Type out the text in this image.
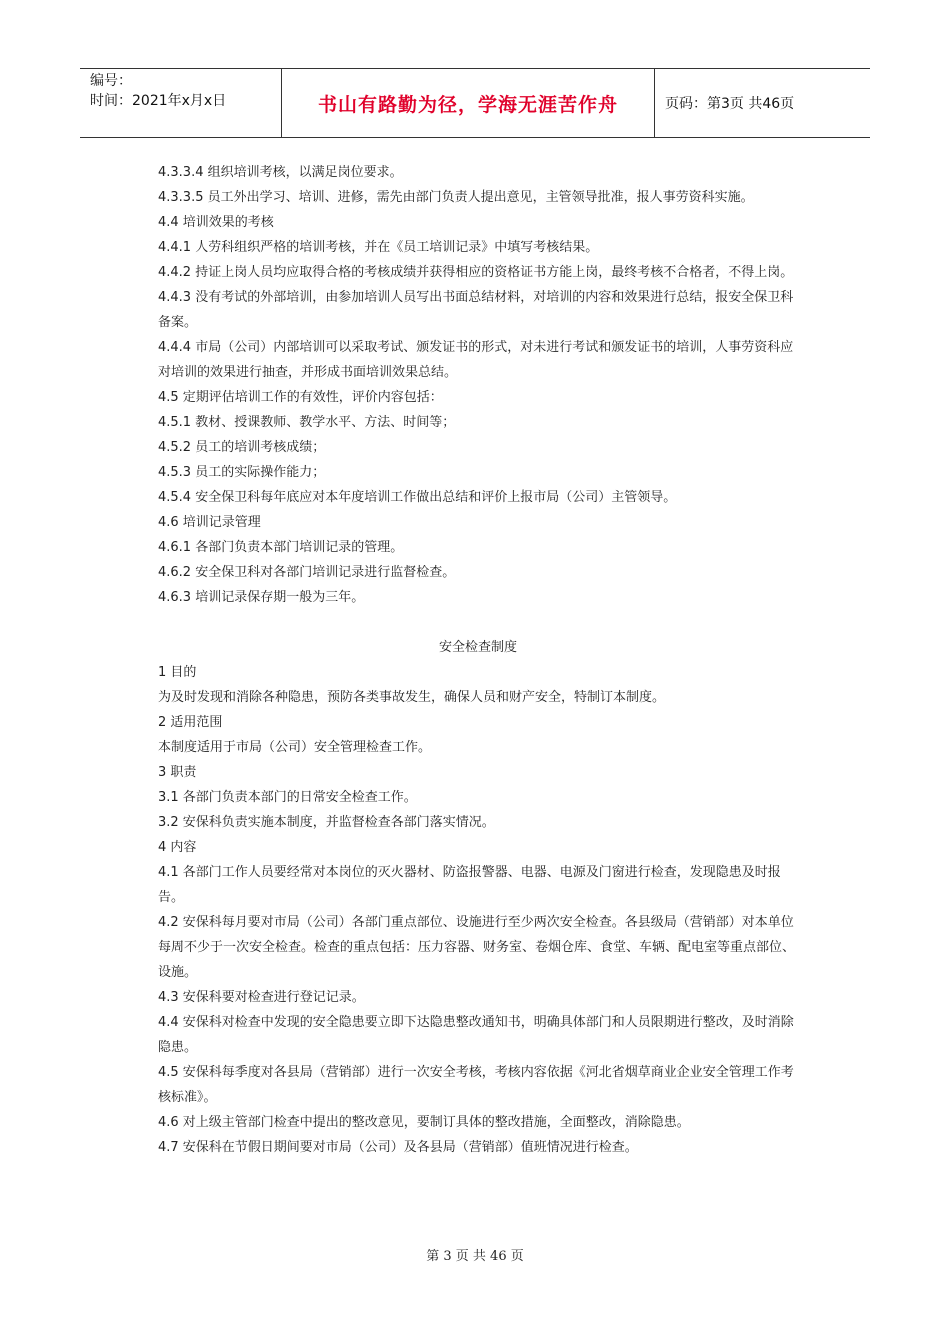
编号：
时间：2021年x月x日	书山有路勤为径，学海无涯苦作舟	页码：第3页 共46页

4.3.3.4 组织培训考核，以满足岗位要求。

4.3.3.5 员工外出学习、培训、进修，需先由部门负责人提出意见，主管领导批准，报人事劳资科实施。

4.4 培训效果的考核

4.4.1 人劳科组织严格的培训考核，并在《员工培训记录》中填写考核结果。

4.4.2 持证上岗人员均应取得合格的考核成绩并获得相应的资格证书方能上岗，最终考核不合格者，不得上岗。

4.4.3 没有考试的外部培训，由参加培训人员写出书面总结材料，对培训的内容和效果进行总结，报安全保卫科备案。

4.4.4 市局（公司）内部培训可以采取考试、颁发证书的形式，对未进行考试和颁发证书的培训，人事劳资科应对培训的效果进行抽查，并形成书面培训效果总结。

4.5 定期评估培训工作的有效性，评价内容包括：

4.5.1 教材、授课教师、教学水平、方法、时间等；

4.5.2 员工的培训考核成绩；

4.5.3 员工的实际操作能力；

4.5.4 安全保卫科每年底应对本年度培训工作做出总结和评价上报市局（公司）主管领导。

4.6 培训记录管理

4.6.1 各部门负责本部门培训记录的管理。

4.6.2 安全保卫科对各部门培训记录进行监督检查。

4.6.3 培训记录保存期一般为三年。

安全检查制度

1 目的

为及时发现和消除各种隐患，预防各类事故发生，确保人员和财产安全，特制订本制度。

2 适用范围

本制度适用于市局（公司）安全管理检查工作。

3 职责

3.1 各部门负责本部门的日常安全检查工作。

3.2 安保科负责实施本制度，并监督检查各部门落实情况。

4 内容

4.1 各部门工作人员要经常对本岗位的灭火器材、防盗报警器、电器、电源及门窗进行检查，发现隐患及时报告。

4.2 安保科每月要对市局（公司）各部门重点部位、设施进行至少两次安全检查。各县级局（营销部）对本单位每周不少于一次安全检查。检查的重点包括：压力容器、财务室、卷烟仓库、食堂、车辆、配电室等重点部位、设施。

4.3 安保科要对检查进行登记记录。

4.4 安保科对检查中发现的安全隐患要立即下达隐患整改通知书，明确具体部门和人员限期进行整改，及时消除隐患。

4.5 安保科每季度对各县局（营销部）进行一次安全考核，考核内容依据《河北省烟草商业企业安全管理工作考核标准》。

4.6 对上级主管部门检查中提出的整改意见，要制订具体的整改措施，全面整改，消除隐患。

4.7 安保科在节假日期间要对市局（公司）及各县局（营销部）值班情况进行检查。

第 3 页 共 46 页
